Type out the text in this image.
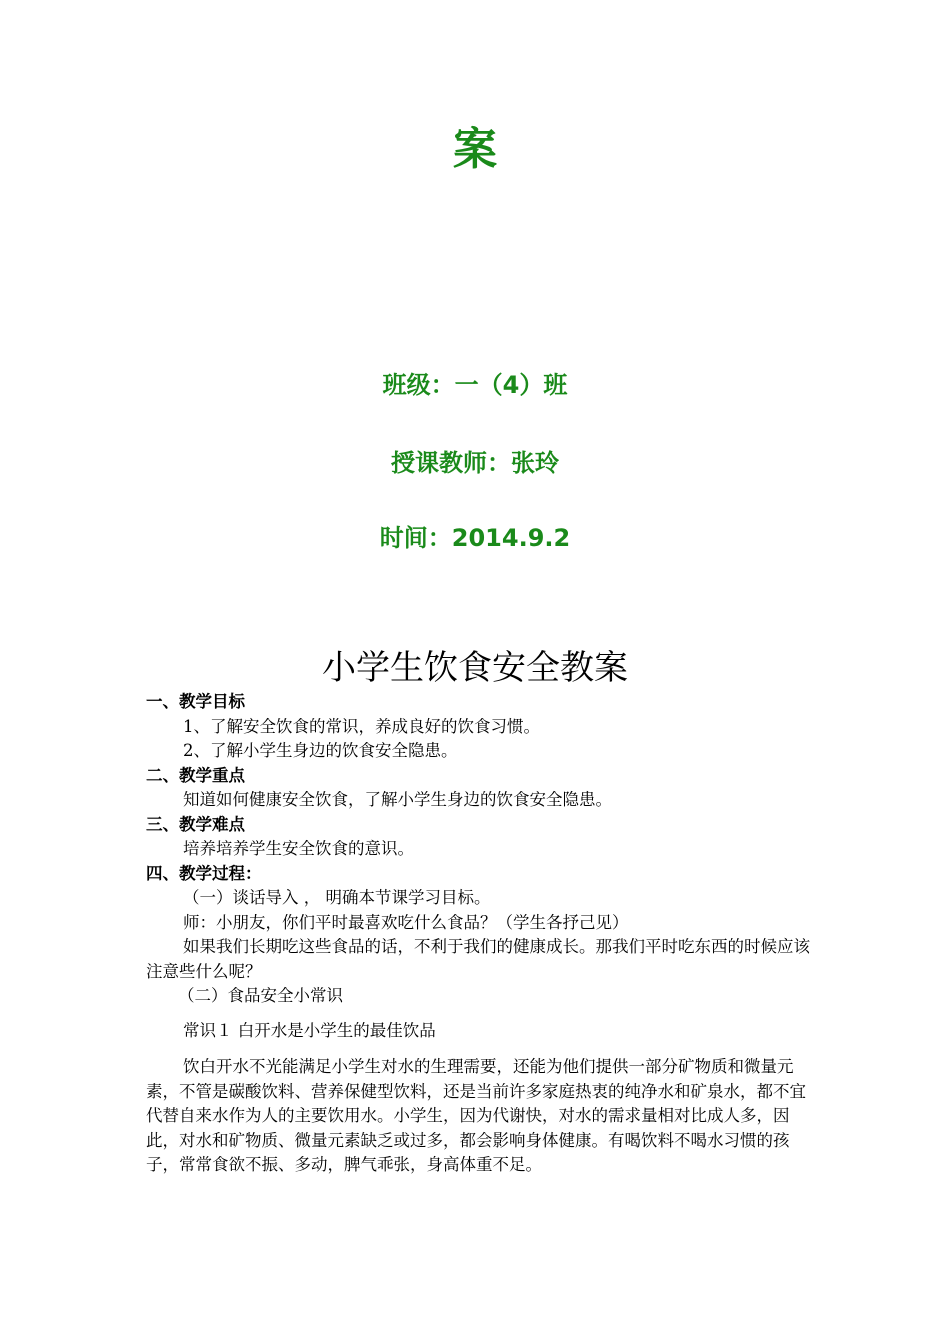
案
班级：一（4）班
授课教师：张玲
时间：2014.9.2
小学生饮食安全教案
一、教学目标
1、了解安全饮食的常识，养成良好的饮食习惯。
2、了解小学生身边的饮食安全隐患。
二、教学重点
知道如何健康安全饮食，了解小学生身边的饮食安全隐患。
三、教学难点
培养培养学生安全饮食的意识。
四、教学过程：
（一）谈话导入 ， 明确本节课学习目标。
师：小朋友，你们平时最喜欢吃什么食品？（学生各抒己见）
如果我们长期吃这些食品的话，不利于我们的健康成长。那我们平时吃东西的时候应该注意些什么呢？
（二）食品安全小常识
常识１ 白开水是小学生的最佳饮品
饮白开水不光能满足小学生对水的生理需要，还能为他们提供一部分矿物质和微量元素，不管是碳酸饮料、营养保健型饮料，还是当前许多家庭热衷的纯净水和矿泉水，都不宜代替自来水作为人的主要饮用水。小学生，因为代谢快，对水的需求量相对比成人多，因此，对水和矿物质、微量元素缺乏或过多，都会影响身体健康。有喝饮料不喝水习惯的孩子，常常食欲不振、多动，脾气乖张，身高体重不足。
